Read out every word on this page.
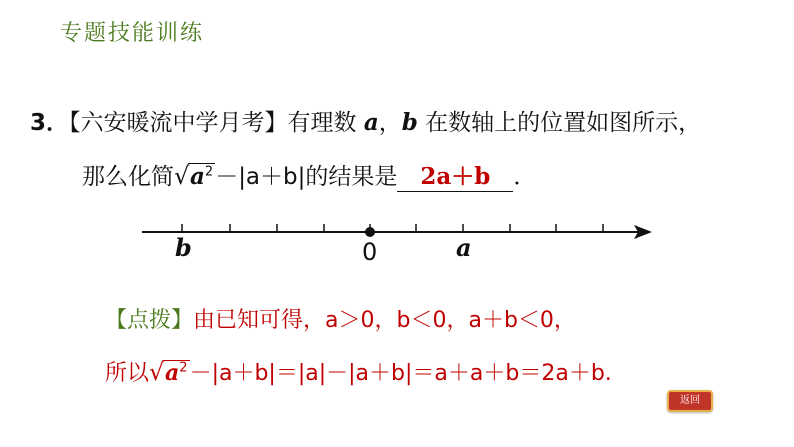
专题技能训练
3．【六安暖流中学月考】有理数 a，b 在数轴上的位置如图所示，
那么化简 √ $a^2-|a+b|$的结果是 2a＋b ．
b	0	a
【点拨】由已知可得，a＞0，b＜0，a＋b＜0，
所以 √ $a^2-|a+b|=|a|-|a+b|=a+a+b=2a+b$.
返回
